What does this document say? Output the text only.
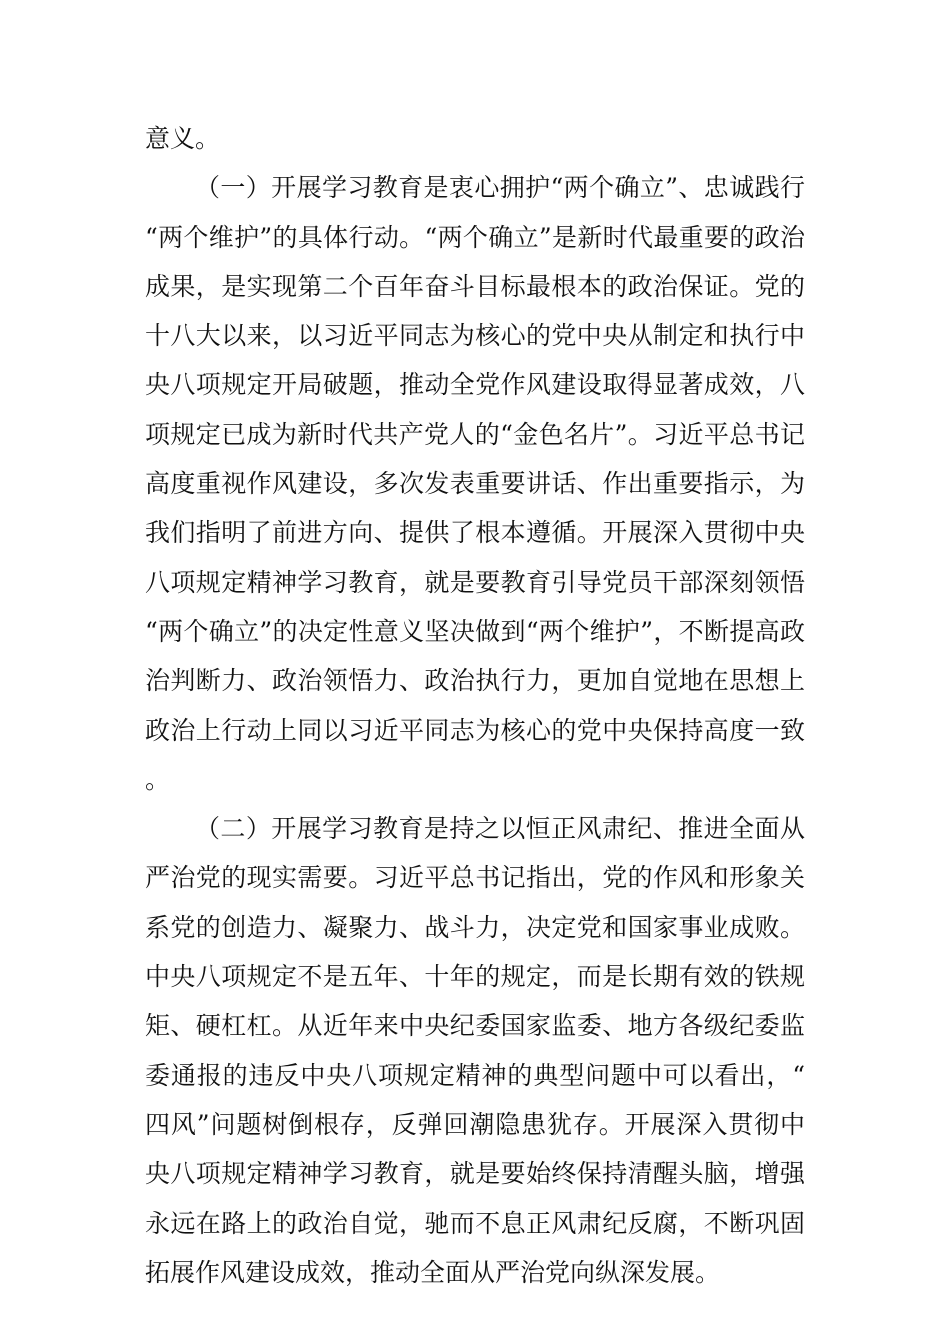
意义。

（一）开展学习教育是衷心拥护“两个确立”、忠诚践行“两个维护”的具体行动。“两个确立”是新时代最重要的政治成果，是实现第二个百年奋斗目标最根本的政治保证。党的十八大以来，以习近平同志为核心的党中央从制定和执行中央八项规定开局破题，推动全党作风建设取得显著成效，八项规定已成为新时代共产党人的“金色名片”。习近平总书记高度重视作风建设，多次发表重要讲话、作出重要指示，为我们指明了前进方向、提供了根本遵循。开展深入贯彻中央八项规定精神学习教育，就是要教育引导党员干部深刻领悟“两个确立”的决定性意义坚决做到“两个维护”，不断提高政治判断力、政治领悟力、政治执行力，更加自觉地在思想上政治上行动上同以习近平同志为核心的党中央保持高度一致。

（二）开展学习教育是持之以恒正风肃纪、推进全面从严治党的现实需要。习近平总书记指出，党的作风和形象关系党的创造力、凝聚力、战斗力，决定党和国家事业成败。中央八项规定不是五年、十年的规定，而是长期有效的铁规矩、硬杠杠。从近年来中央纪委国家监委、地方各级纪委监委通报的违反中央八项规定精神的典型问题中可以看出，“四风”问题树倒根存，反弹回潮隐患犹存。开展深入贯彻中央八项规定精神学习教育，就是要始终保持清醒头脑，增强永远在路上的政治自觉，驰而不息正风肃纪反腐，不断巩固拓展作风建设成效，推动全面从严治党向纵深发展。
